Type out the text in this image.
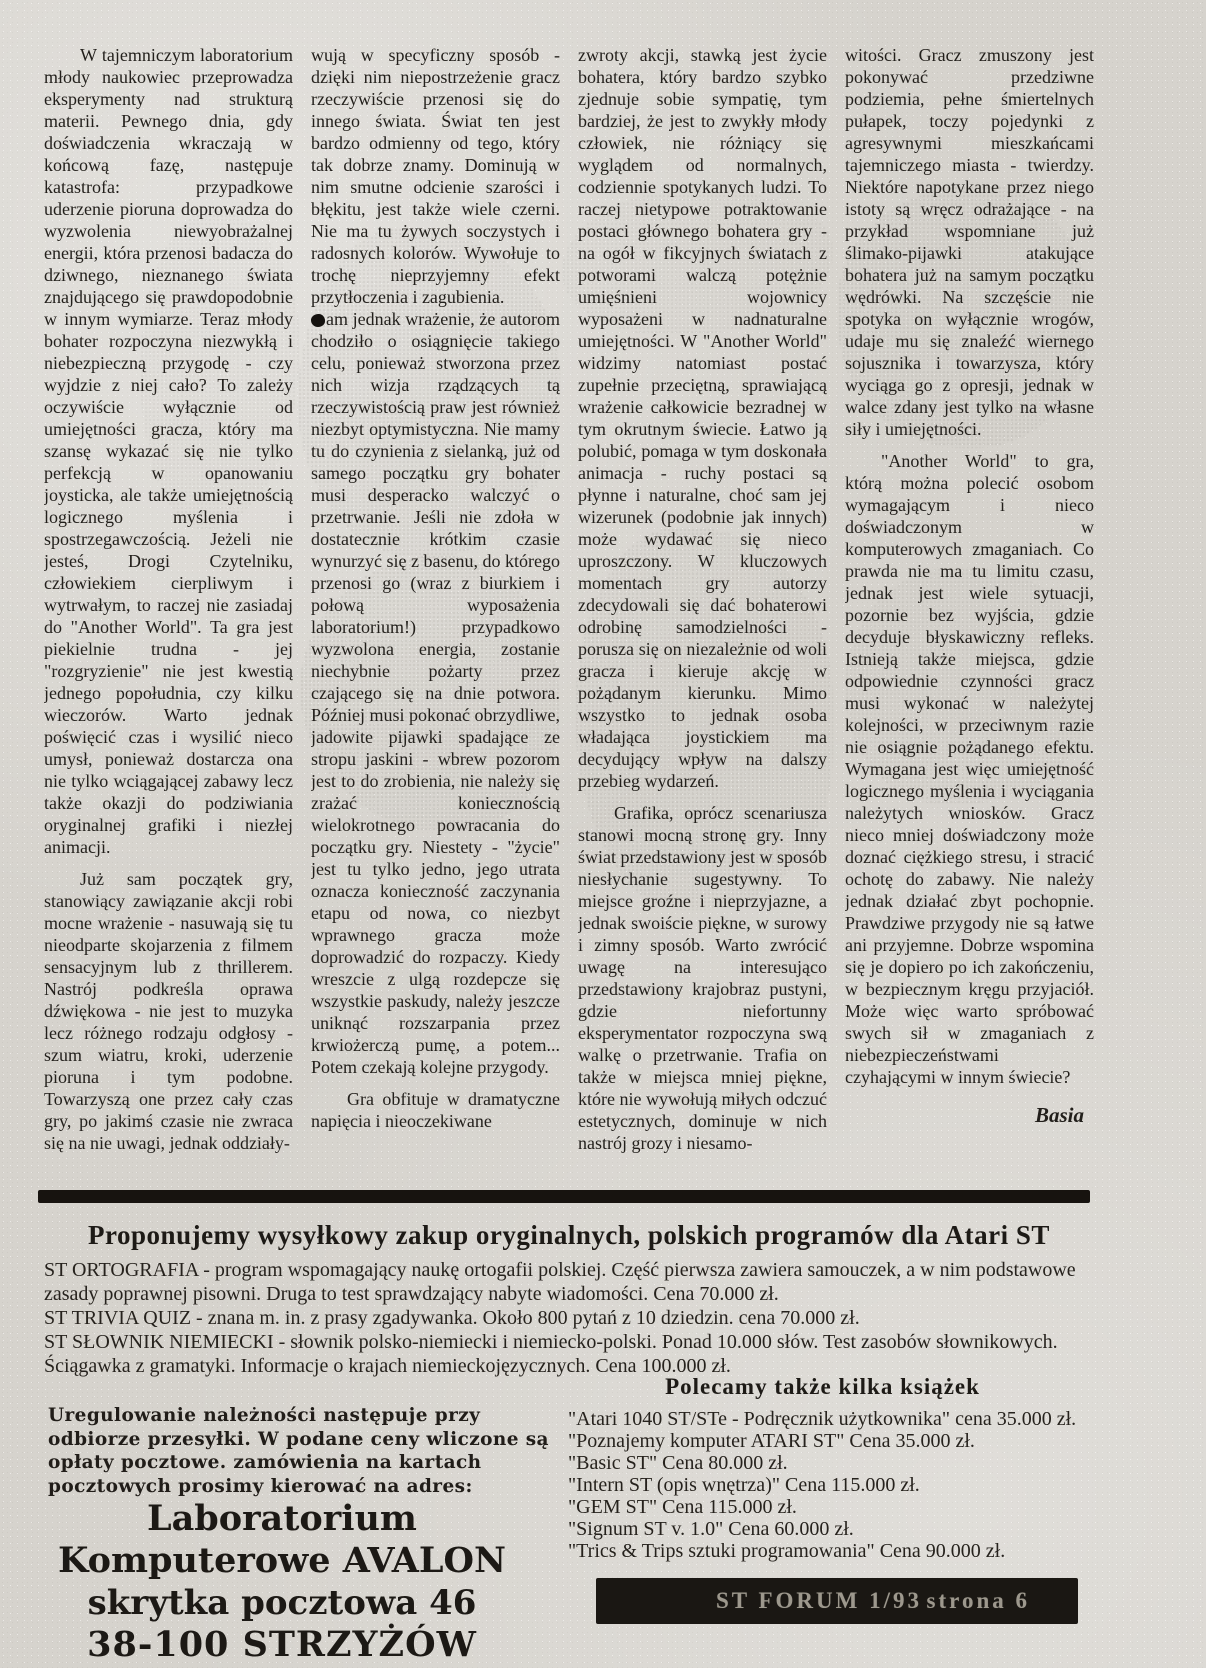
W tajemniczym laboratorium młody naukowiec przeprowadza eksperymenty nad strukturą materii. Pewnego dnia, gdy doświadczenia wkraczają w końcową fazę, następuje katastrofa: przypadkowe uderzenie pioruna doprowadza do wyzwolenia niewyobrażalnej energii, która przenosi badacza do dziwnego, nieznanego świata znajdującego się prawdopodobnie w innym wymiarze. Teraz młody bohater rozpoczyna niezwykłą i niebezpieczną przygodę - czy wyjdzie z niej cało? To zależy oczywiście wyłącznie od umiejętności gracza, który ma szansę wykazać się nie tylko perfekcją w opanowaniu joysticka, ale także umiejętnością logicznego myślenia i spostrzegawczością. Jeżeli nie jesteś, Drogi Czytelniku, człowiekiem cierpliwym i wytrwałym, to raczej nie zasiadaj do "Another World". Ta gra jest piekielnie trudna - jej "rozgryzienie" nie jest kwestią jednego popołudnia, czy kilku wieczorów. Warto jednak poświęcić czas i wysilić nieco umysł, ponieważ dostarcza ona nie tylko wciągającej zabawy lecz także okazji do podziwiania oryginalnej grafiki i niezłej animacji.

Już sam początek gry, stanowiący zawiązanie akcji robi mocne wrażenie - nasuwają się tu nieodparte skojarzenia z filmem sensacyjnym lub z thrillerem. Nastrój podkreśla oprawa dźwiękowa - nie jest to muzyka lecz różnego rodzaju odgłosy - szum wiatru, kroki, uderzenie pioruna i tym podobne. Towarzyszą one przez cały czas gry, po jakimś czasie nie zwraca się na nie uwagi, jednak oddziały-

wują w specyficzny sposób - dzięki nim niepostrzeżenie gracz rzeczywiście przenosi się do innego świata. Świat ten jest bardzo odmienny od tego, który tak dobrze znamy. Dominują w nim smutne odcienie szarości i błękitu, jest także wiele czerni. Nie ma tu żywych soczystych i radosnych kolorów. Wywołuje to trochę nieprzyjemny efekt przytłoczenia i zagubienia.

am jednak wrażenie, że autorom chodziło o osiągnięcie takiego celu, ponieważ stworzona przez nich wizja rządzących tą rzeczywistością praw jest również niezbyt optymistyczna. Nie mamy tu do czynienia z sielanką, już od samego początku gry bohater musi desperacko walczyć o przetrwanie. Jeśli nie zdoła w dostatecznie krótkim czasie wynurzyć się z basenu, do którego przenosi go (wraz z biurkiem i połową wyposażenia laboratorium!) przypadkowo wyzwolona energia, zostanie niechybnie pożarty przez czającego się na dnie potwora. Później musi pokonać obrzydliwe, jadowite pijawki spadające ze stropu jaskini - wbrew pozorom jest to do zrobienia, nie należy się zrażać koniecznością wielokrotnego powracania do początku gry. Niestety - "życie" jest tu tylko jedno, jego utrata oznacza konieczność zaczynania etapu od nowa, co niezbyt wprawnego gracza może doprowadzić do rozpaczy. Kiedy wreszcie z ulgą rozdepcze się wszystkie paskudy, należy jeszcze uniknąć rozszarpania przez krwiożerczą pumę, a potem... Potem czekają kolejne przygody.

Gra obfituje w dramatyczne napięcia i nieoczekiwane

zwroty akcji, stawką jest życie bohatera, który bardzo szybko zjednuje sobie sympatię, tym bardziej, że jest to zwykły młody człowiek, nie różniący się wyglądem od normalnych, codziennie spotykanych ludzi. To raczej nietypowe potraktowanie postaci głównego bohatera gry - na ogół w fikcyjnych światach z potworami walczą potężnie umięśnieni wojownicy wyposażeni w nadnaturalne umiejętności. W "Another World" widzimy natomiast postać zupełnie przeciętną, sprawiającą wrażenie całkowicie bezradnej w tym okrutnym świecie. Łatwo ją polubić, pomaga w tym doskonała animacja - ruchy postaci są płynne i naturalne, choć sam jej wizerunek (podobnie jak innych) może wydawać się nieco uproszczony. W kluczowych momentach gry autorzy zdecydowali się dać bohaterowi odrobinę samodzielności - porusza się on niezależnie od woli gracza i kieruje akcję w pożądanym kierunku. Mimo wszystko to jednak osoba władająca joystickiem ma decydujący wpływ na dalszy przebieg wydarzeń.

Grafika, oprócz scenariusza stanowi mocną stronę gry. Inny świat przedstawiony jest w sposób niesłychanie sugestywny. To miejsce groźne i nieprzyjazne, a jednak swoiście piękne, w surowy i zimny sposób. Warto zwrócić uwagę na interesująco przedstawiony krajobraz pustyni, gdzie niefortunny eksperymentator rozpoczyna swą walkę o przetrwanie. Trafia on także w miejsca mniej piękne, które nie wywołują miłych odczuć estetycznych, dominuje w nich nastrój grozy i niesamo-

witości. Gracz zmuszony jest pokonywać przedziwne podziemia, pełne śmiertelnych pułapek, toczy pojedynki z agresywnymi mieszkańcami tajemniczego miasta - twierdzy. Niektóre napotykane przez niego istoty są wręcz odrażające - na przykład wspomniane już ślimako-pijawki atakujące bohatera już na samym początku wędrówki. Na szczęście nie spotyka on wyłącznie wrogów, udaje mu się znaleźć wiernego sojusznika i towarzysza, który wyciąga go z opresji, jednak w walce zdany jest tylko na własne siły i umiejętności.

"Another World" to gra, którą można polecić osobom wymagającym i nieco doświadczonym w komputerowych zmaganiach. Co prawda nie ma tu limitu czasu, jednak jest wiele sytuacji, pozornie bez wyjścia, gdzie decyduje błyskawiczny refleks. Istnieją także miejsca, gdzie odpowiednie czynności gracz musi wykonać w należytej kolejności, w przeciwnym razie nie osiągnie pożądanego efektu. Wymagana jest więc umiejętność logicznego myślenia i wyciągania należytych wniosków. Gracz nieco mniej doświadczony może doznać ciężkiego stresu, i stracić ochotę do zabawy. Nie należy jednak działać zbyt pochopnie. Prawdziwe przygody nie są łatwe ani przyjemne. Dobrze wspomina się je dopiero po ich zakończeniu, w bezpiecznym kręgu przyjaciół. Może więc warto spróbować swych sił w zmaganiach z niebezpieczeństwami czyhającymi w innym świecie?

Basia
Proponujemy wysyłkowy zakup oryginalnych, polskich programów dla Atari ST

ST ORTOGRAFIA - program wspomagający naukę ortogafii polskiej. Część pierwsza zawiera samouczek, a w nim podstawowe zasady poprawnej pisowni. Druga to test sprawdzający nabyte wiadomości. Cena 70.000 zł.

ST TRIVIA QUIZ - znana m. in. z prasy zgadywanka. Około 800 pytań z 10 dziedzin. cena 70.000 zł.

ST SŁOWNIK NIEMIECKI - słownik polsko-niemiecki i niemiecko-polski. Ponad 10.000 słów. Test zasobów słownikowych. Ściągawka z gramatyki. Informacje o krajach niemieckojęzycznych. Cena 100.000 zł.

Polecamy także kilka książek
"Atari 1040 ST/STe - Podręcznik użytkownika" cena 35.000 zł.
"Poznajemy komputer ATARI ST" Cena 35.000 zł.
"Basic ST" Cena 80.000 zł.
"Intern ST (opis wnętrza)" Cena 115.000 zł.
"GEM ST" Cena 115.000 zł.
"Signum ST v. 1.0" Cena 60.000 zł.
"Trics & Trips sztuki programowania" Cena 90.000 zł.
Uregulowanie należności następuje przy odbiorze przesyłki. W podane ceny wliczone są opłaty pocztowe. zamówienia na kartach pocztowych prosimy kierować na adres:
Laboratorium Komputerowe AVALON
skrytka pocztowa 46
38-100 STRZYŻÓW
ST FORUM 1/93 strona 6
